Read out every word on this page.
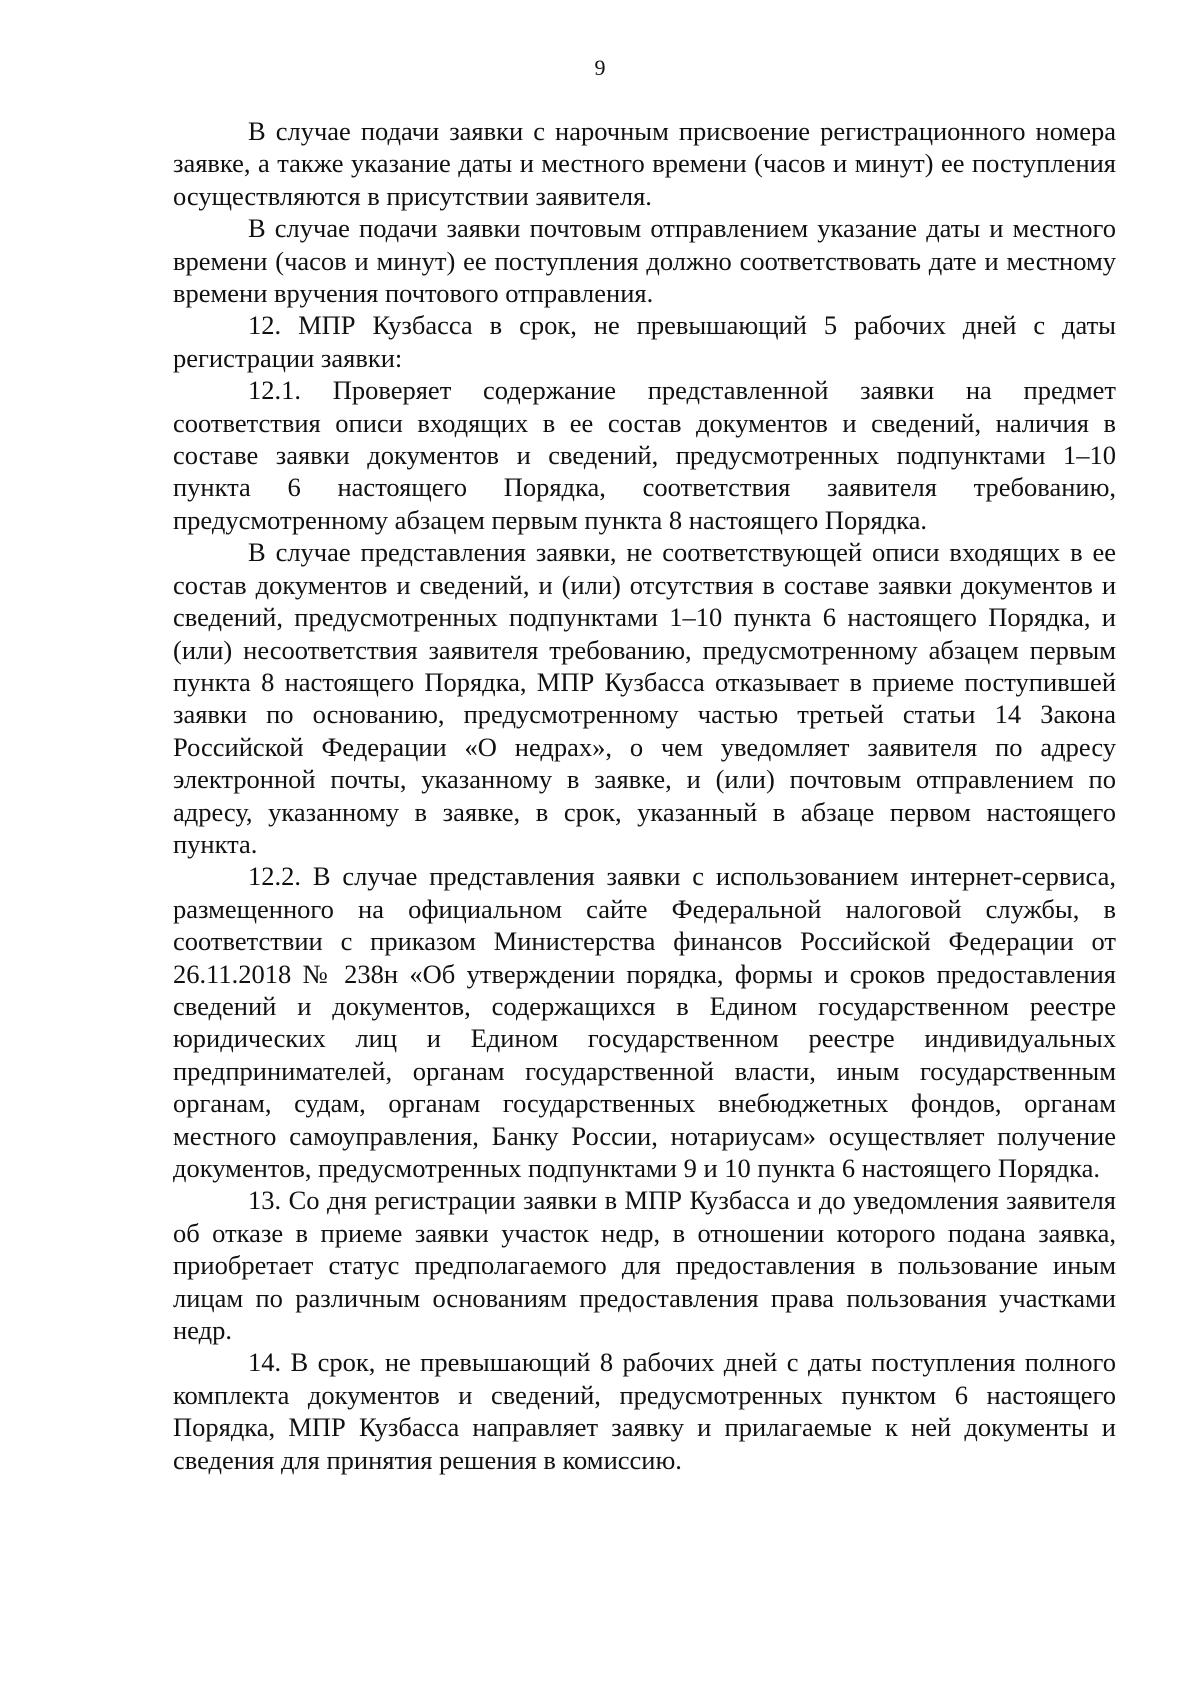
9

В случае подачи заявки с нарочным присвоение регистрационного номера заявке, а также указание даты и местного времени (часов и минут) ее поступления осуществляются в присутствии заявителя.

В случае подачи заявки почтовым отправлением указание даты и местного времени (часов и минут) ее поступления должно соответствовать дате и местному времени вручения почтового отправления.

12. МПР Кузбасса в срок, не превышающий 5 рабочих дней с даты регистрации заявки:

12.1. Проверяет содержание представленной заявки на предмет соответствия описи входящих в ее состав документов и сведений, наличия в составе заявки документов и сведений, предусмотренных подпунктами 1–10 пункта 6 настоящего Порядка, соответствия заявителя требованию, предусмотренному абзацем первым пункта 8 настоящего Порядка.

В случае представления заявки, не соответствующей описи входящих в ее состав документов и сведений, и (или) отсутствия в составе заявки документов и сведений, предусмотренных подпунктами 1–10 пункта 6 настоящего Порядка, и (или) несоответствия заявителя требованию, предусмотренному абзацем первым пункта 8 настоящего Порядка, МПР Кузбасса отказывает в приеме поступившей заявки по основанию, предусмотренному частью третьей статьи 14 Закона Российской Федерации «О недрах», о чем уведомляет заявителя по адресу электронной почты, указанному в заявке, и (или) почтовым отправлением по адресу, указанному в заявке, в срок, указанный в абзаце первом настоящего пункта.

12.2. В случае представления заявки с использованием интернет-сервиса, размещенного на официальном сайте Федеральной налоговой службы, в соответствии с приказом Министерства финансов Российской Федерации от 26.11.2018 № 238н «Об утверждении порядка, формы и сроков предоставления сведений и документов, содержащихся в Едином государственном реестре юридических лиц и Едином государственном реестре индивидуальных предпринимателей, органам государственной власти, иным государственным органам, судам, органам государственных внебюджетных фондов, органам местного самоуправления, Банку России, нотариусам» осуществляет получение документов, предусмотренных подпунктами 9 и 10 пункта 6 настоящего Порядка.

13. Со дня регистрации заявки в МПР Кузбасса и до уведомления заявителя об отказе в приеме заявки участок недр, в отношении которого подана заявка, приобретает статус предполагаемого для предоставления в пользование иным лицам по различным основаниям предоставления права пользования участками недр.

14. В срок, не превышающий 8 рабочих дней с даты поступления полного комплекта документов и сведений, предусмотренных пунктом 6 настоящего Порядка, МПР Кузбасса направляет заявку и прилагаемые к ней документы и сведения для принятия решения в комиссию.
